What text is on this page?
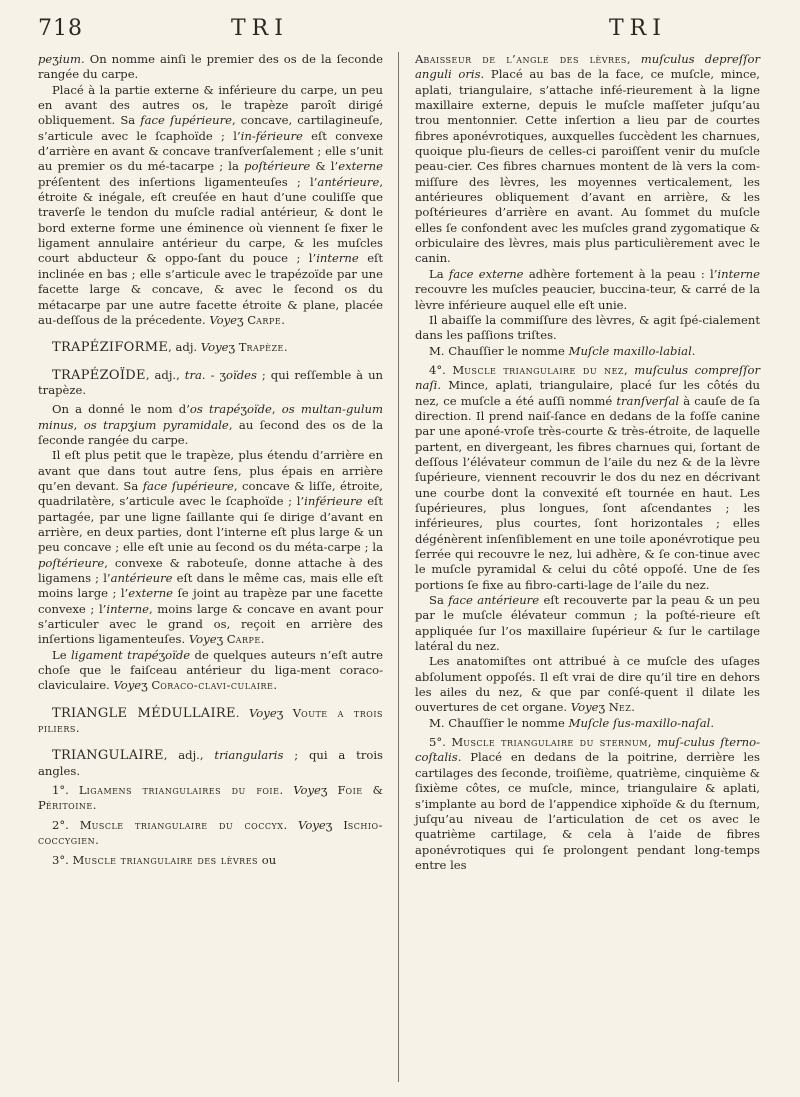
718	TRI	TRI

peʒium. On nomme ainſi le premier des os de la ſeconde rangée du carpe.

Placé à la partie externe & inférieure du carpe, un peu en avant des autres os, le trapèze paroît dirigé obliquement. Sa face ſupérieure, concave, cartilagineuſe, s’articule avec le ſcaphoïde ; l’in-férieure eſt convexe d’arrière en avant & concave tranſverſalement ; elle s’unit au premier os du mé-tacarpe ; la poſtérieure & l’externe préſentent des inſertions ligamenteuſes ; l’antérieure, étroite & inégale, eſt creuſée en haut d’une couliſſe que traverſe le tendon du muſcle radial antérieur, & dont le bord externe forme une éminence où viennent ſe fixer le ligament annulaire antérieur du carpe, & les muſcles court abducteur & oppo-ſant du pouce ; l’interne eſt inclinée en bas ; elle s’articule avec le trapézoïde par une facette large & concave, & avec le ſecond os du métacarpe par une autre facette étroite & plane, placée au-deſſous de la précedente. Voyeʒ Carpe.

TRAPÉZIFORME, adj. Voyeʒ Trapèze.

TRAPÉZOÏDE, adj., tra. - ʒoïdes ; qui reſſemble à un trapèze.

On a donné le nom d’os trapéʒoïde, os multan-gulum minus, os trapʒium pyramidale, au ſecond des os de la ſeconde rangée du carpe.

Il eſt plus petit que le trapèze, plus étendu d’arrière en avant que dans tout autre ſens, plus épais en arrière qu’en devant. Sa face ſupérieure, concave & liſſe, étroite, quadrilatère, s’articule avec le ſcaphoïde ; l’inférieure eſt partagée, par une ligne ſaillante qui ſe dirige d’avant en arrière, en deux parties, dont l’interne eſt plus large & un peu concave ; elle eſt unie au ſecond os du méta-carpe ; la poſtérieure, convexe & raboteuſe, donne attache à des ligamens ; l’antérieure eſt dans le même cas, mais elle eſt moins large ; l’externe ſe joint au trapèze par une facette convexe ; l’interne, moins large & concave en avant pour s’articuler avec le grand os, reçoit en arrière des inſertions ligamenteuſes. Voyeʒ Carpe.

Le ligament trapéʒoïde de quelques auteurs n’eſt autre choſe que le faiſceau antérieur du liga-ment coraco-claviculaire. Voyeʒ Coraco-clavi-culaire.

TRIANGLE MÉDULLAIRE. Voyeʒ Voute a trois piliers.

TRIANGULAIRE, adj., triangularis ; qui a trois angles.

1°. Ligamens triangulaires du foie. Voyeʒ Foie & Péritoine.

2°. Muscle triangulaire du coccyx. Voyeʒ Ischio-coccygien.

3°. Muscle triangulaire des lèvres ou

Abaisseur de l’angle des lèvres, muſculus depreſſor anguli oris. Placé au bas de la face, ce muſcle, mince, aplati, triangulaire, s’attache infé-rieurement à la ligne maxillaire externe, depuis le muſcle maſſeter juſqu’au trou mentonnier. Cette inſertion a lieu par de courtes fibres aponévrotiques, auxquelles ſuccèdent les charnues, quoique plu-ſieurs de celles-ci paroiſſent venir du muſcle peau-cier. Ces fibres charnues montent de là vers la com-miſſure des lèvres, les moyennes verticalement, les antérieures obliquement d’avant en arrière, & les poſtérieures d’arrière en avant. Au ſommet du muſcle elles ſe confondent avec les muſcles grand zygomatique & orbiculaire des lèvres, mais plus particulièrement avec le canin.

La face externe adhère fortement à la peau : l’interne recouvre les muſcles peaucier, buccina-teur, & carré de la lèvre inférieure auquel elle eſt unie.

Il abaiſſe la commiſſure des lèvres, & agit ſpé-cialement dans les paſſions triſtes.

M. Chauſſier le nomme Muſcle maxillo-labial.

4°. Muscle triangulaire du nez, muſculus compreſſor naſi. Mince, aplati, triangulaire, placé ſur les côtés du nez, ce muſcle a été auſſi nommé tranſverſal à cauſe de ſa direction. Il prend naiſ-ſance en dedans de la foſſe canine par une aponé-vroſe très-courte & très-étroite, de laquelle partent, en divergeant, les fibres charnues qui, ſortant de deſſous l’élévateur commun de l’aile du nez & de la lèvre ſupérieure, viennent recouvrir le dos du nez en décrivant une courbe dont la convexité eſt tournée en haut. Les ſupérieures, plus longues, ſont aſcendantes ; les inférieures, plus courtes, ſont horizontales ; elles dégénèrent inſenſiblement en une toile aponévrotique peu ſerrée qui recouvre le nez, lui adhère, & ſe con-tinue avec le muſcle pyramidal & celui du côté oppoſé. Une de ſes portions ſe fixe au fibro-carti-lage de l’aile du nez.

Sa face antérieure eſt recouverte par la peau & un peu par le muſcle élévateur commun ; la poſté-rieure eſt appliquée ſur l’os maxillaire ſupérieur & ſur le cartilage latéral du nez.

Les anatomiſtes ont attribué à ce muſcle des uſages abſolument oppoſés. Il eſt vrai de dire qu’il tire en dehors les ailes du nez, & que par conſé-quent il dilate les ouvertures de cet organe. Voyeʒ Nez.

M. Chauſſier le nomme Muſcle ſus-maxillo-naſal.

5°. Muscle triangulaire du sternum, muſ-culus ſterno-coſtalis. Placé en dedans de la poitrine, derrière les cartilages des ſeconde, troiſième, quatrième, cinquième & ſixième côtes, ce muſcle, mince, triangulaire & aplati, s’implante au bord de l’appendice xiphoïde & du ſternum, juſqu’au niveau de l’articulation de cet os avec le quatrième cartilage, & cela à l’aide de fibres aponévrotiques qui ſe prolongent pendant long-temps entre les
